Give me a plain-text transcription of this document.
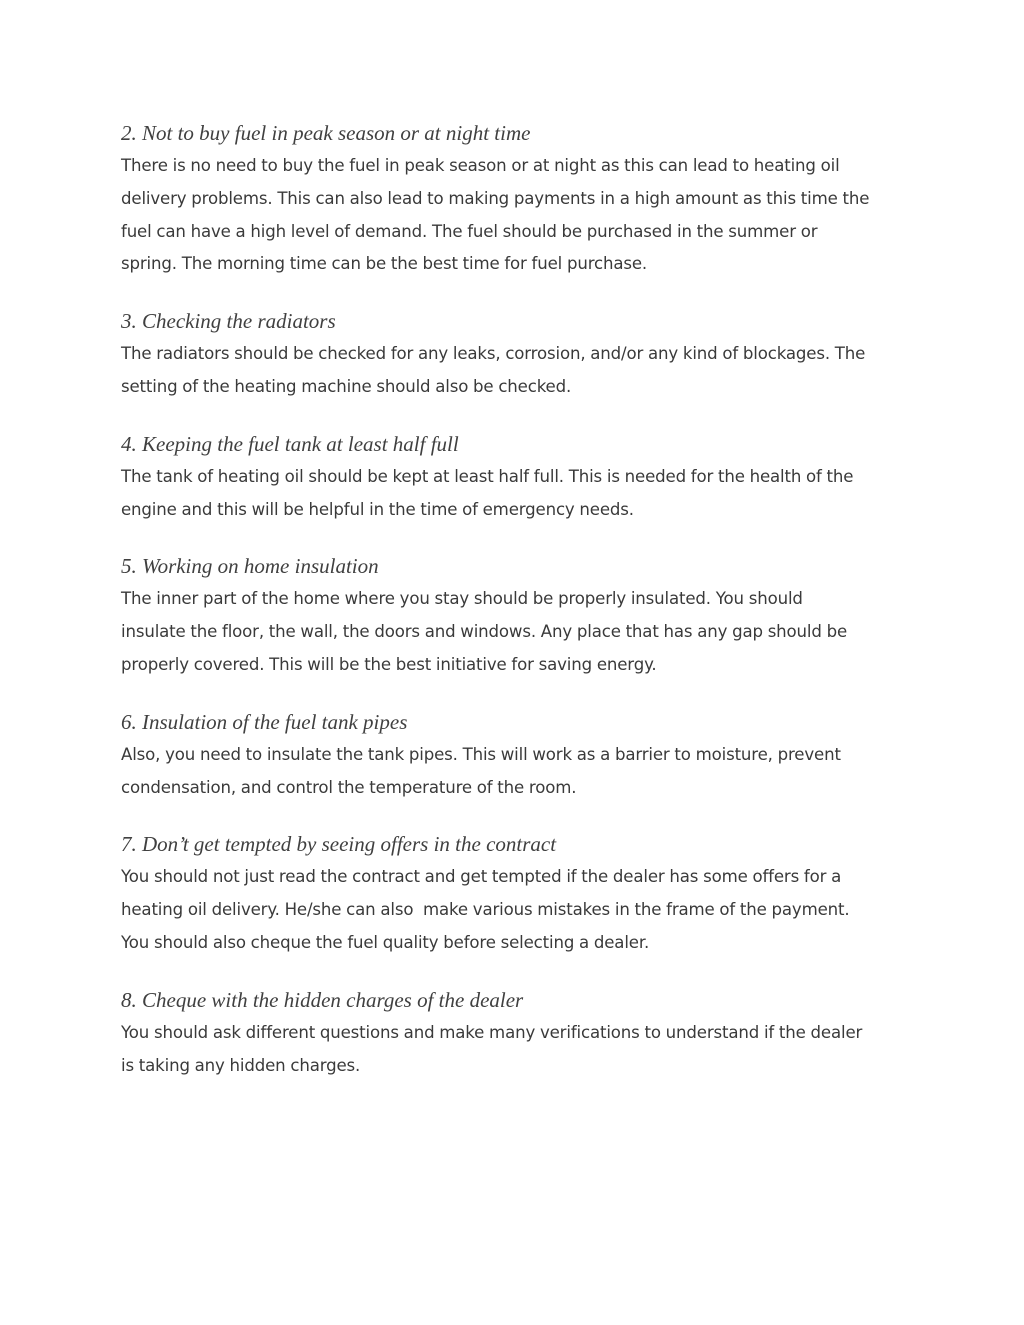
2. Not to buy fuel in peak season or at night time

There is no need to buy the fuel in peak season or at night as this can lead to heating oil
delivery problems. This can also lead to making payments in a high amount as this time the
fuel can have a high level of demand. The fuel should be purchased in the summer or
spring. The morning time can be the best time for fuel purchase.

3. Checking the radiators

The radiators should be checked for any leaks, corrosion, and/or any kind of blockages. The
setting of the heating machine should also be checked.

4. Keeping the fuel tank at least half full

The tank of heating oil should be kept at least half full. This is needed for the health of the
engine and this will be helpful in the time of emergency needs.

5. Working on home insulation

The inner part of the home where you stay should be properly insulated. You should
insulate the floor, the wall, the doors and windows. Any place that has any gap should be
properly covered. This will be the best initiative for saving energy.

6. Insulation of the fuel tank pipes

Also, you need to insulate the tank pipes. This will work as a barrier to moisture, prevent
condensation, and control the temperature of the room.

7. Don’t get tempted by seeing offers in the contract

You should not just read the contract and get tempted if the dealer has some offers for a
heating oil delivery. He/she can also  make various mistakes in the frame of the payment.
You should also cheque the fuel quality before selecting a dealer.

8. Cheque with the hidden charges of the dealer

You should ask different questions and make many verifications to understand if the dealer
is taking any hidden charges.
